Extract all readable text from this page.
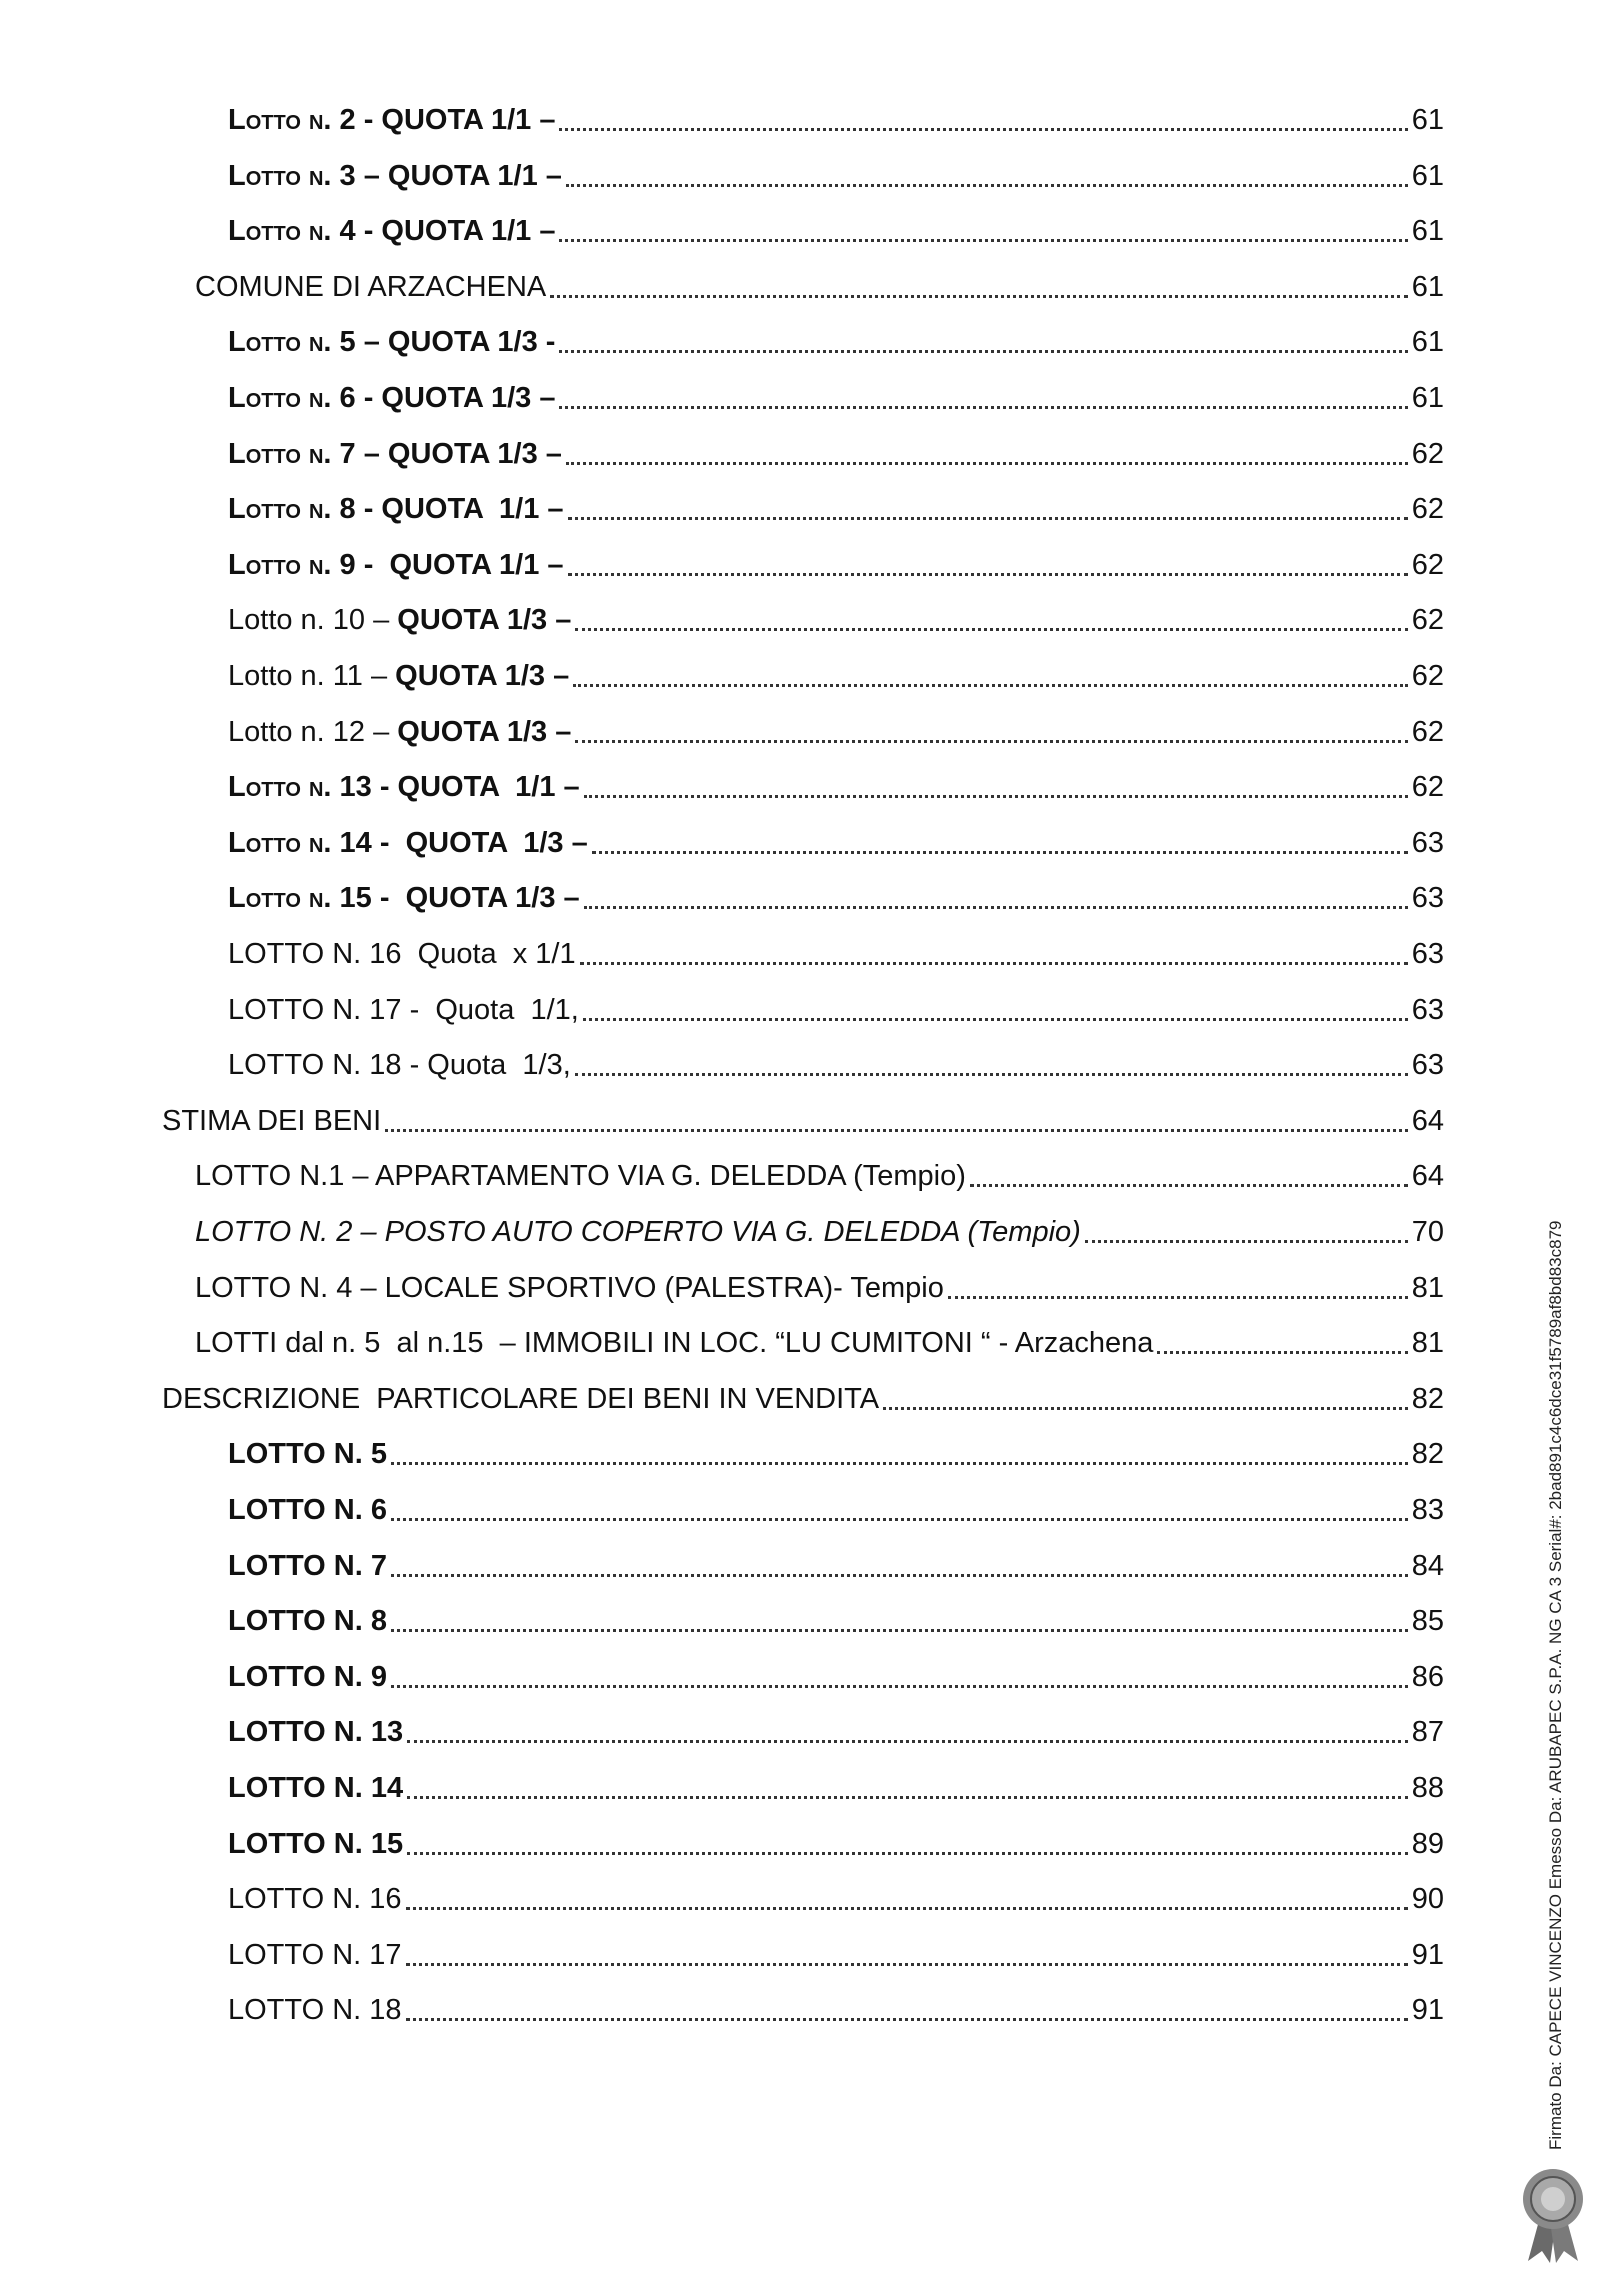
Lotto n. 2 - QUOTA 1/1 –	61
Lotto n. 3 – QUOTA 1/1 –	61
Lotto n. 4 - QUOTA 1/1 –	61
COMUNE DI ARZACHENA	61
Lotto n. 5 – QUOTA 1/3 -	61
Lotto n. 6 - QUOTA 1/3 –	61
Lotto n. 7 – QUOTA 1/3 –	62
Lotto n. 8 - QUOTA  1/1 –	62
Lotto n. 9 -  QUOTA 1/1 –	62
Lotto n. 10 – QUOTA 1/3 –	62
Lotto n. 11 – QUOTA 1/3 –	62
Lotto n. 12 – QUOTA 1/3 –	62
Lotto n. 13 - QUOTA  1/1 –	62
Lotto n. 14 -  QUOTA  1/3 –	63
Lotto n. 15 -  QUOTA 1/3 –	63
LOTTO N. 16  Quota  x 1/1	63
LOTTO N. 17 -  Quota  1/1,	63
LOTTO N. 18 - Quota  1/3,	63
STIMA DEI BENI	64
LOTTO N.1 – APPARTAMENTO VIA G. DELEDDA (Tempio)	64
LOTTO N. 2 – POSTO AUTO COPERTO VIA G. DELEDDA (Tempio)	70
LOTTO N. 4 – LOCALE SPORTIVO (PALESTRA)- Tempio	81
LOTTI dal n. 5  al n.15  – IMMOBILI IN LOC. “LU CUMITONI “ - Arzachena	81
DESCRIZIONE  PARTICOLARE DEI BENI IN VENDITA	82
LOTTO N. 5	82
LOTTO N. 6	83
LOTTO N. 7	84
LOTTO N. 8	85
LOTTO N. 9	86
LOTTO N. 13	87
LOTTO N. 14	88
LOTTO N. 15	89
LOTTO N. 16	90
LOTTO N. 17	91
LOTTO N. 18	91	Firmato Da: CAPECE VINCENZO Emesso Da: ARUBAPEC S.P.A. NG CA 3 Serial#: 2bad891c4c6dce31f5789af8bd83c879
